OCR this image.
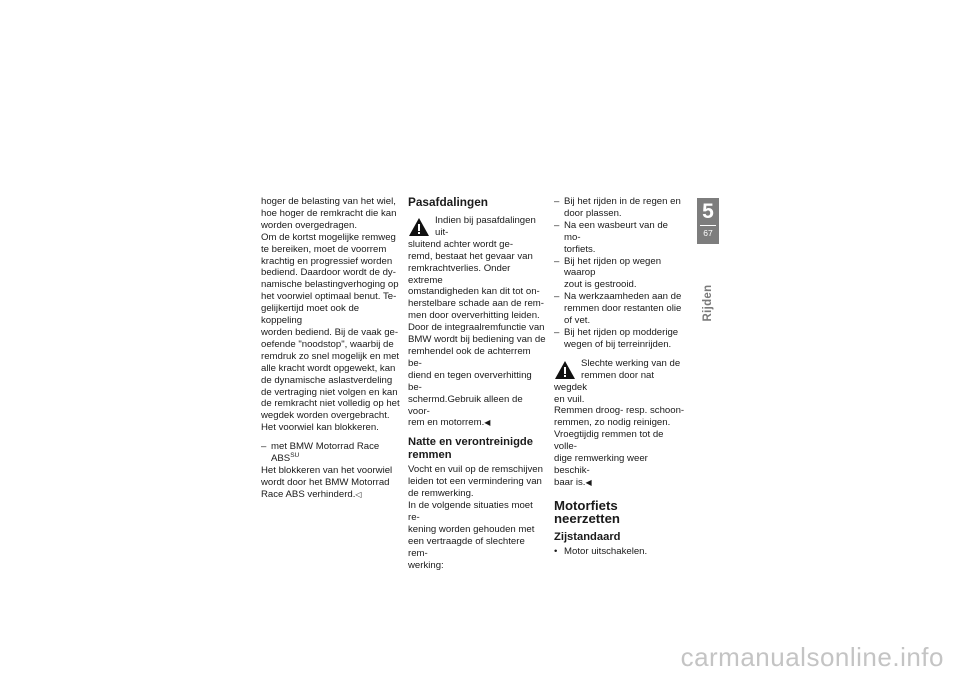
hoger de belasting van het wiel,
hoe hoger de remkracht die kan
worden overgedragen.
Om de kortst mogelijke remweg
te bereiken, moet de voorrem
krachtig en progressief worden
bediend. Daardoor wordt de dy-
namische belastingverhoging op
het voorwiel optimaal benut. Te-
gelijkertijd moet ook de koppeling
worden bediend. Bij de vaak ge-
oefende "noodstop", waarbij de
remdruk zo snel mogelijk en met
alle kracht wordt opgewekt, kan
de dynamische aslastverdeling
de vertraging niet volgen en kan
de remkracht niet volledig op het
wegdek worden overgebracht.
Het voorwiel kan blokkeren.

– met BMW Motorrad Race
$ABS^{SU}$

Het blokkeren van het voorwiel
wordt door het BMW Motorrad
Race ABS verhinderd.◁

Pasafdalingen
Indien bij pasafdalingen uit-
sluitend achter wordt ge-

remd, bestaat het gevaar van
remkrachtverlies. Onder extreme
omstandigheden kan dit tot on-
herstelbare schade aan de rem-
men door oververhitting leiden.
Door de integraalremfunctie van
BMW wordt bij bediening van de
remhendel ook de achterrem be-
diend en tegen oververhitting be-
schermd.Gebruik alleen de voor-
rem en motorrem.◀

Natte en verontreinigde
remmen

Vocht en vuil op de remschijven
leiden tot een vermindering van
de remwerking.
In de volgende situaties moet re-
kening worden gehouden met
een vertraagde of slechtere rem-
werking:

– Bij het rijden in de regen en
door plassen.
– Na een wasbeurt van de mo-
torfiets.
– Bij het rijden op wegen waarop
zout is gestrooid.
– Na werkzaamheden aan de
remmen door restanten olie
of vet.
– Bij het rijden op modderige
wegen of bij terreinrijden.
Slechte werking van de
remmen door nat wegdek

en vuil.
Remmen droog- resp. schoon-
remmen, zo nodig reinigen.
Vroegtijdig remmen tot de volle-
dige remwerking weer beschik-
baar is.◀

Motorfiets neerzetten
Zijstandaard
• Motor uitschakelen.
5
67
Rijden
carmanualsonline.info
